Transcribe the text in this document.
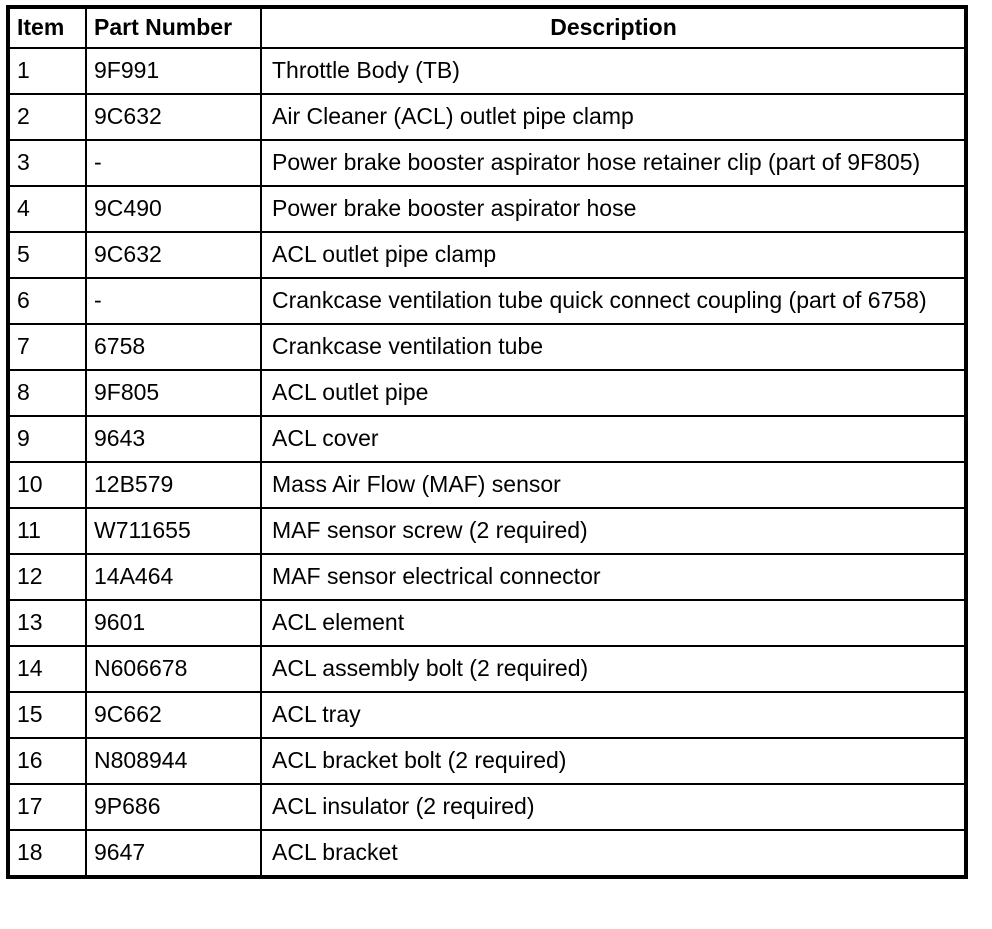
Item	Part Number	Description
1	9F991	Throttle Body (TB)
2	9C632	Air Cleaner (ACL) outlet pipe clamp
3	-	Power brake booster aspirator hose retainer clip (part of 9F805)
4	9C490	Power brake booster aspirator hose
5	9C632	ACL outlet pipe clamp
6	-	Crankcase ventilation tube quick connect coupling (part of 6758)
7	6758	Crankcase ventilation tube
8	9F805	ACL outlet pipe
9	9643	ACL cover
10	12B579	Mass Air Flow (MAF) sensor
11	W711655	MAF sensor screw (2 required)
12	14A464	MAF sensor electrical connector
13	9601	ACL element
14	N606678	ACL assembly bolt (2 required)
15	9C662	ACL tray
16	N808944	ACL bracket bolt (2 required)
17	9P686	ACL insulator (2 required)
18	9647	ACL bracket
